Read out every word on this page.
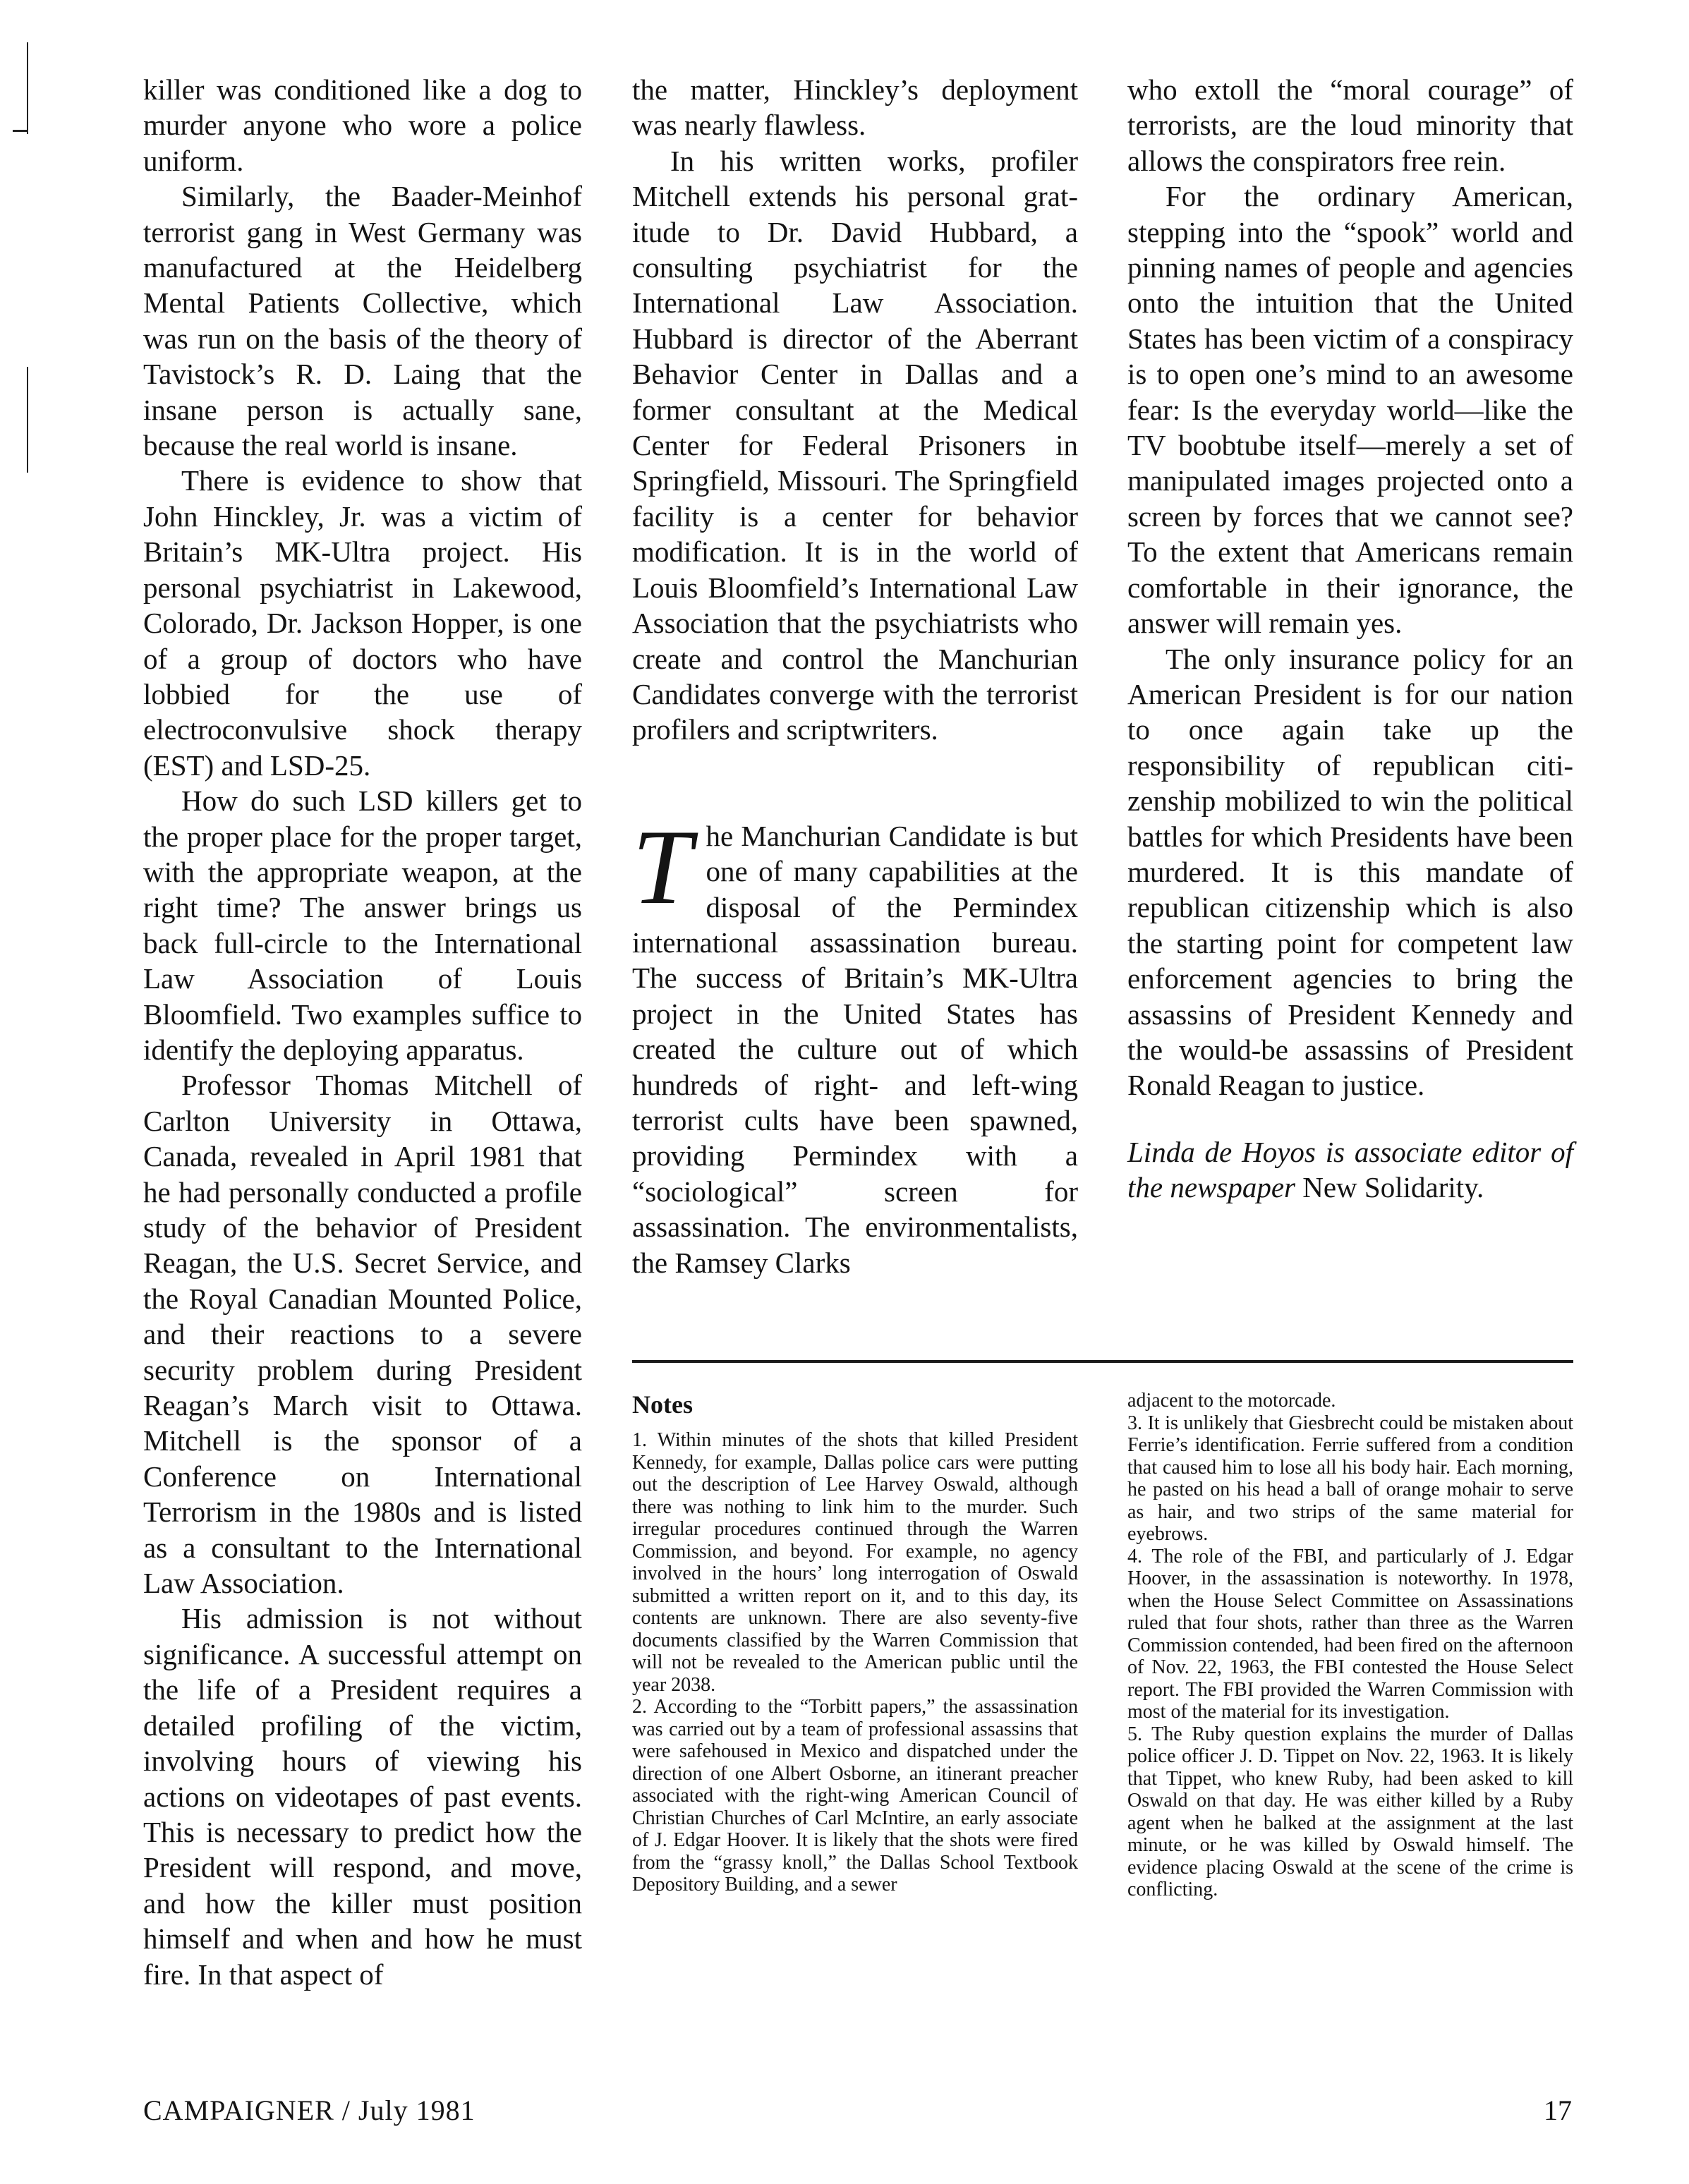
killer was conditioned like a dog to murder anyone who wore a police uniform.

Similarly, the Baader-Meinhof terrorist gang in West Germany was manufactured at the Heidelberg Mental Patients Collective, which was run on the basis of the theory of Tavistock’s R. D. Laing that the insane person is actually sane, because the real world is insane.

There is evidence to show that John Hinckley, Jr. was a victim of Britain’s MK-Ultra project. His personal psychiatrist in Lakewood, Colorado, Dr. Jackson Hopper, is one of a group of doctors who have lobbied for the use of electroconvulsive shock therapy (EST) and LSD-25.

How do such LSD killers get to the proper place for the proper target, with the appropriate weapon, at the right time? The answer brings us back full-circle to the International Law Association of Louis Bloomfield. Two examples suffice to identify the deploying apparatus.

Professor Thomas Mitchell of Carlton University in Ottawa, Canada, revealed in April 1981 that he had personally conducted a profile study of the behavior of President Reagan, the U.S. Secret Service, and the Royal Canadian Mounted Police, and their reactions to a severe security problem during President Reagan’s March visit to Ottawa. Mitchell is the sponsor of a Conference on International Terrorism in the 1980s and is listed as a consultant to the International Law Association.

His admission is not without significance. A successful attempt on the life of a President requires a detailed profiling of the victim, involving hours of viewing his actions on videotapes of past events. This is necessary to predict how the President will respond, and move, and how the killer must position himself and when and how he must fire. In that aspect of

the matter, Hinckley’s deployment was nearly flawless.

In his written works, profiler Mitchell extends his personal gratitude to Dr. David Hubbard, a consulting psychiatrist for the International Law Association. Hubbard is director of the Aberrant Behavior Center in Dallas and a former consultant at the Medical Center for Federal Prisoners in Springfield, Missouri. The Springfield facility is a center for behavior modification. It is in the world of Louis Bloomfield’s International Law Association that the psychiatrists who create and control the Manchurian Candidates converge with the terrorist profilers and scriptwriters.

The Manchurian Candidate is but one of many capabilities at the disposal of the Permindex international assassination bureau. The success of Britain’s MK-Ultra project in the United States has created the culture out of which hundreds of right- and left-wing terrorist cults have been spawned, providing Permindex with a “sociological” screen for assassination. The environmentalists, the Ramsey Clarks

who extoll the “moral courage” of terrorists, are the loud minority that allows the conspirators free rein.

For the ordinary American, stepping into the “spook” world and pinning names of people and agencies onto the intuition that the United States has been victim of a conspiracy is to open one’s mind to an awesome fear: Is the everyday world—like the TV boobtube itself—merely a set of manipulated images projected onto a screen by forces that we cannot see? To the extent that Americans remain comfortable in their ignorance, the answer will remain yes.

The only insurance policy for an American President is for our nation to once again take up the responsibility of republican citizenship mobilized to win the political battles for which Presidents have been murdered. It is this mandate of republican citizenship which is also the starting point for competent law enforcement agencies to bring the assassins of President Kennedy and the would-be assassins of President Ronald Reagan to justice.

Linda de Hoyos is associate editor of the newspaper New Solidarity.

Notes

1. Within minutes of the shots that killed President Kennedy, for example, Dallas police cars were putting out the description of Lee Harvey Oswald, although there was nothing to link him to the murder. Such irregular procedures continued through the Warren Commission, and beyond. For example, no agency involved in the hours’ long interrogation of Oswald submitted a written report on it, and to this day, its contents are unknown. There are also seventy-five documents classified by the Warren Commission that will not be revealed to the American public until the year 2038.

2. According to the “Torbitt papers,” the assassination was carried out by a team of professional assassins that were safehoused in Mexico and dispatched under the direction of one Albert Osborne, an itinerant preacher associated with the right-wing American Council of Christian Churches of Carl McIntire, an early associate of J. Edgar Hoover. It is likely that the shots were fired from the “grassy knoll,” the Dallas School Textbook Depository Building, and a sewer

adjacent to the motorcade.

3. It is unlikely that Giesbrecht could be mistaken about Ferrie’s identification. Ferrie suffered from a condition that caused him to lose all his body hair. Each morning, he pasted on his head a ball of orange mohair to serve as hair, and two strips of the same material for eyebrows.

4. The role of the FBI, and particularly of J. Edgar Hoover, in the assassination is noteworthy. In 1978, when the House Select Committee on Assassinations ruled that four shots, rather than three as the Warren Commission contended, had been fired on the afternoon of Nov. 22, 1963, the FBI contested the House Select report. The FBI provided the Warren Commission with most of the material for its investigation.

5. The Ruby question explains the murder of Dallas police officer J. D. Tippet on Nov. 22, 1963. It is likely that Tippet, who knew Ruby, had been asked to kill Oswald on that day. He was either killed by a Ruby agent when he balked at the assignment at the last minute, or he was killed by Oswald himself. The evidence placing Oswald at the scene of the crime is conflicting.

CAMPAIGNER / July 1981	17
